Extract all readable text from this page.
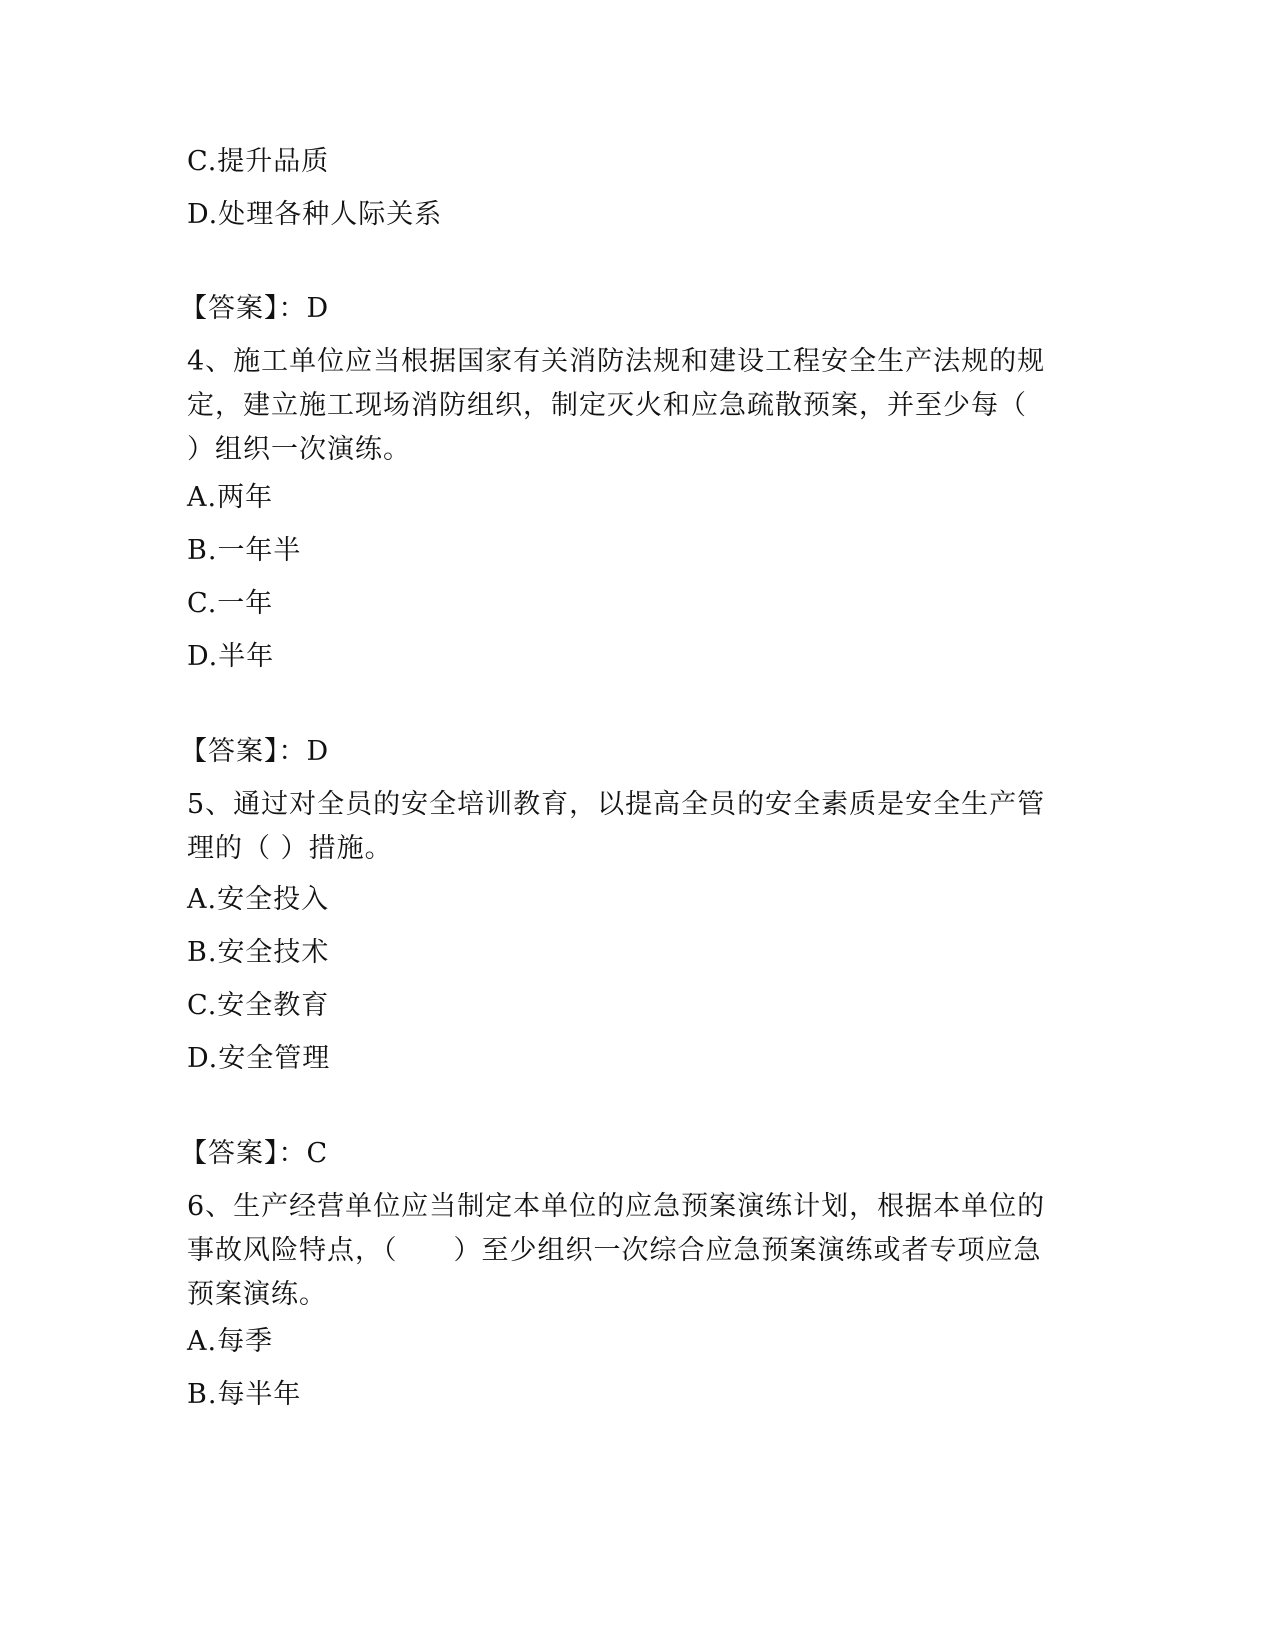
C.提升品质
D.处理各种人际关系
【答案】：D
4、施工单位应当根据国家有关消防法规和建设工程安全生产法规的规
定，建立施工现场消防组织，制定灭火和应急疏散预案，并至少每（
）组织一次演练。
A.两年
B.一年半
C.一年
D.半年
【答案】：D
5、通过对全员的安全培训教育，以提高全员的安全素质是安全生产管
理的（ ）措施。
A.安全投入
B.安全技术
C.安全教育
D.安全管理
【答案】：C
6、生产经营单位应当制定本单位的应急预案演练计划，根据本单位的
事故风险特点，（　　）至少组织一次综合应急预案演练或者专项应急
预案演练。
A.每季
B.每半年
